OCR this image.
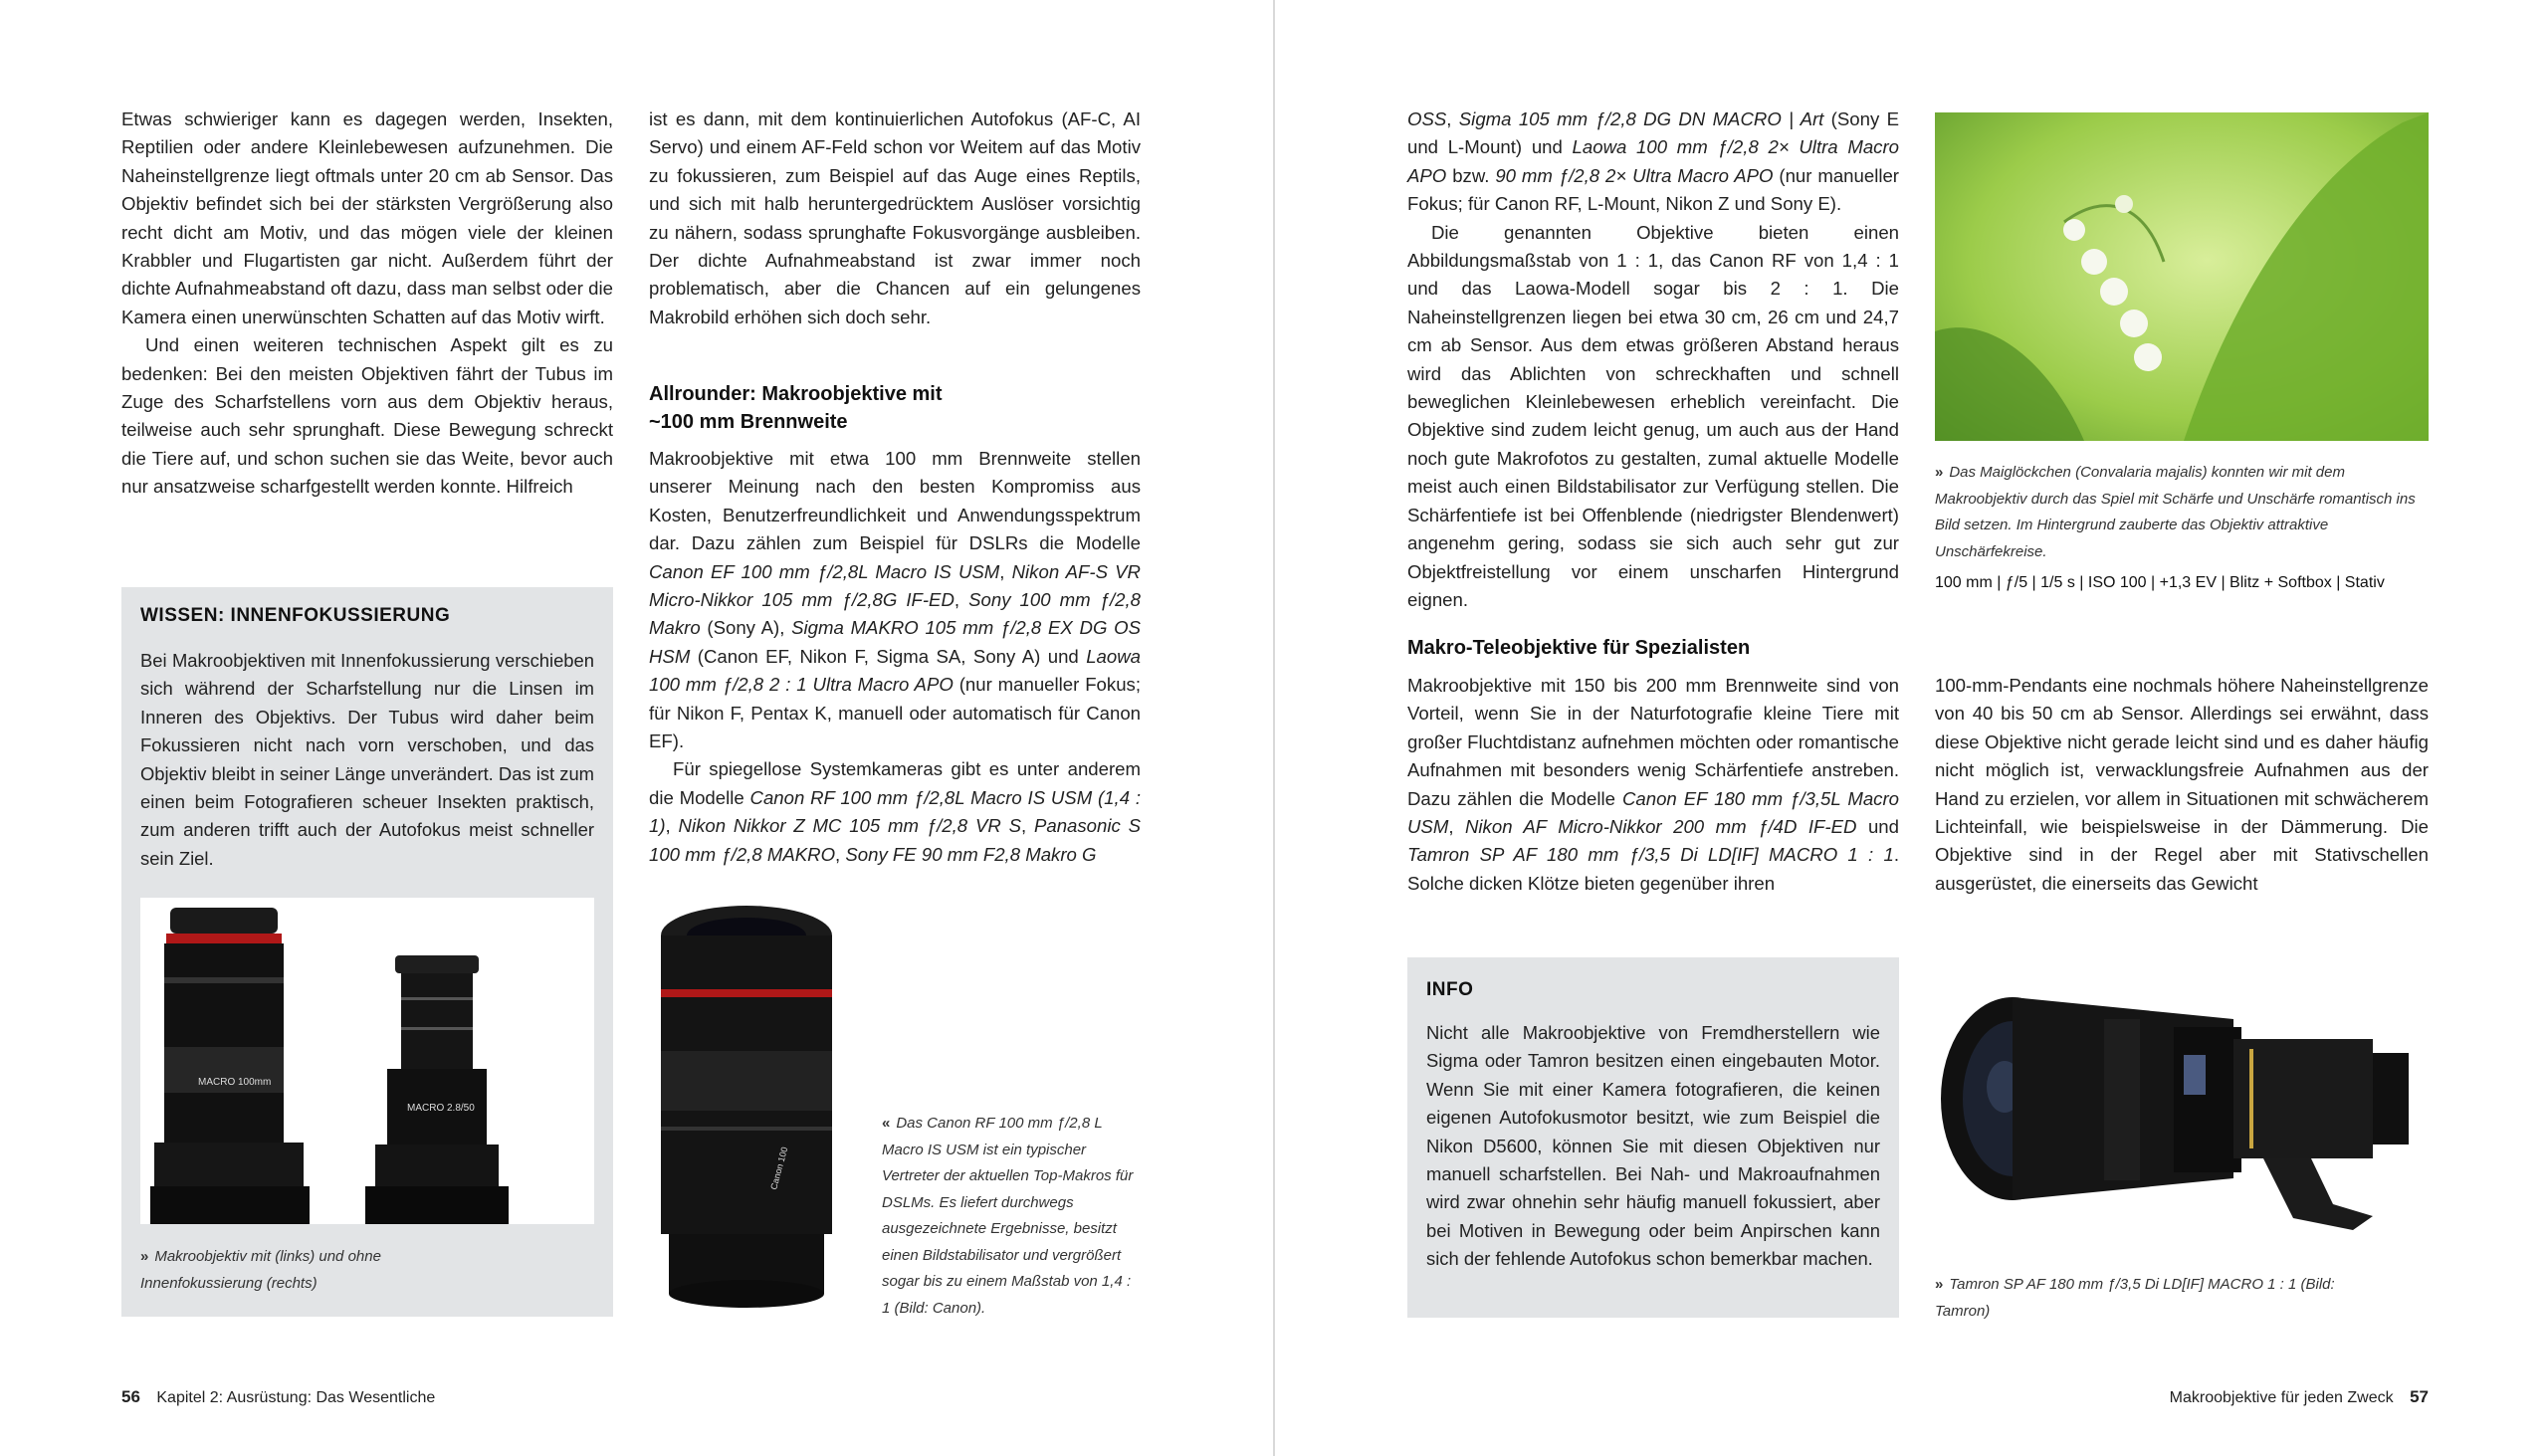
Etwas schwieriger kann es dagegen werden, Insekten, Reptilien oder andere Kleinlebewesen aufzunehmen. Die Naheinstellgrenze liegt oftmals unter 20 cm ab Sensor. Das Objektiv befindet sich bei der stärksten Vergrößerung also recht dicht am Motiv, und das mögen viele der kleinen Krabbler und Flugartisten gar nicht. Außerdem führt der dichte Aufnahmeabstand oft dazu, dass man selbst oder die Kamera einen unerwünschten Schatten auf das Motiv wirft.

Und einen weiteren technischen Aspekt gilt es zu bedenken: Bei den meisten Objektiven fährt der Tubus im Zuge des Scharfstellens vorn aus dem Objektiv heraus, teilweise auch sehr sprunghaft. Diese Bewegung schreckt die Tiere auf, und schon suchen sie das Weite, bevor auch nur ansatzweise scharfgestellt werden konnte. Hilfreich

WISSEN: INNENFOKUSSIERUNG
Bei Makroobjektiven mit Innenfokussierung verschieben sich während der Scharfstellung nur die Linsen im Inneren des Objektivs. Der Tubus wird daher beim Fokussieren nicht nach vorn verschoben, und das Objektiv bleibt in seiner Länge unverändert. Das ist zum einen beim Fotografieren scheuer Insekten praktisch, zum anderen trifft auch der Autofokus meist schneller sein Ziel.
MACRO 100mm
MACRO 2.8/50
» Makroobjektiv mit (links) und ohne Innenfokussierung (rechts)

ist es dann, mit dem kontinuierlichen Autofokus (AF-C, AI Servo) und einem AF-Feld schon vor Weitem auf das Motiv zu fokussieren, zum Beispiel auf das Auge eines Reptils, und sich mit halb heruntergedrücktem Auslöser vorsichtig zu nähern, sodass sprunghafte Fokusvorgänge ausbleiben. Der dichte Aufnahmeabstand ist zwar immer noch problematisch, aber die Chancen auf ein gelungenes Makrobild erhöhen sich doch sehr.

Allrounder: Makroobjektive mit
~100 mm Brennweite

Makroobjektive mit etwa 100 mm Brennweite stellen unserer Meinung nach den besten Kompromiss aus Kosten, Benutzerfreundlichkeit und Anwendungsspektrum dar. Dazu zählen zum Beispiel für DSLRs die Modelle Canon EF 100 mm ƒ/2,8L Macro IS USM, Nikon AF-S VR Micro-Nikkor 105 mm ƒ/2,8G IF-ED, Sony 100 mm ƒ/2,8 Makro (Sony A), Sigma MAKRO 105 mm ƒ/2,8 EX DG OS HSM (Canon EF, Nikon F, Sigma SA, Sony A) und Laowa 100 mm ƒ/2,8 2 : 1 Ultra Macro APO (nur manueller Fokus; für Nikon F, Pentax K, manuell oder automatisch für Canon EF).

Für spiegellose Systemkameras gibt es unter anderem die Modelle Canon RF 100 mm ƒ/2,8L Macro IS USM (1,4 : 1), Nikon Nikkor Z MC 105 mm ƒ/2,8 VR S, Panasonic S 100 mm ƒ/2,8 MAKRO, Sony FE 90 mm F2,8 Makro G

Canon 100
« Das Canon RF 100 mm ƒ/2,8 L Macro IS USM ist ein typischer Vertreter der aktuellen Top-Makros für DSLMs. Es liefert durchwegs ausgezeichnete Ergebnisse, besitzt einen Bildstabilisator und vergrößert sogar bis zu einem Maßstab von 1,4 : 1 (Bild: Canon).
56 Kapitel 2: Ausrüstung: Das Wesentliche

OSS, Sigma 105 mm ƒ/2,8 DG DN MACRO | Art (Sony E und L-Mount) und Laowa 100 mm ƒ/2,8 2× Ultra Macro APO bzw. 90 mm ƒ/2,8 2× Ultra Macro APO (nur manueller Fokus; für Canon RF, L-Mount, Nikon Z und Sony E).

Die genannten Objektive bieten einen Abbildungsmaßstab von 1 : 1, das Canon RF von 1,4 : 1 und das Laowa-Modell sogar bis 2 : 1. Die Naheinstellgrenzen liegen bei etwa 30 cm, 26 cm und 24,7 cm ab Sensor. Aus dem etwas größeren Abstand heraus wird das Ablichten von schreckhaften und schnell beweglichen Kleinlebewesen erheblich vereinfacht. Die Objektive sind zudem leicht genug, um auch aus der Hand noch gute Makrofotos zu gestalten, zumal aktuelle Modelle meist auch einen Bildstabilisator zur Verfügung stellen. Die Schärfentiefe ist bei Offenblende (niedrigster Blendenwert) angenehm gering, sodass sie sich auch sehr gut zur Objektfreistellung vor einem unscharfen Hintergrund eignen.

» Das Maiglöckchen (Convalaria majalis) konnten wir mit dem Makroobjektiv durch das Spiel mit Schärfe und Unschärfe romantisch ins Bild setzen. Im Hintergrund zauberte das Objektiv attraktive Unschärfekreise.
100 mm | ƒ/5 | 1/5 s | ISO 100 | +1,3 EV | Blitz + Softbox | Stativ
Makro-Teleobjektive für Spezialisten

Makroobjektive mit 150 bis 200 mm Brennweite sind von Vorteil, wenn Sie in der Naturfotografie kleine Tiere mit großer Fluchtdistanz aufnehmen möchten oder romantische Aufnahmen mit besonders wenig Schärfentiefe anstreben. Dazu zählen die Modelle Canon EF 180 mm ƒ/3,5L Macro USM, Nikon AF Micro-Nikkor 200 mm ƒ/4D IF-ED und Tamron SP AF 180 mm ƒ/3,5 Di LD[IF] MACRO 1 : 1. Solche dicken Klötze bieten gegenüber ihren

100-mm-Pendants eine nochmals höhere Naheinstellgrenze von 40 bis 50 cm ab Sensor. Allerdings sei erwähnt, dass diese Objektive nicht gerade leicht sind und es daher häufig nicht möglich ist, verwacklungsfreie Aufnahmen aus der Hand zu erzielen, vor allem in Situationen mit schwächerem Lichteinfall, wie beispielsweise in der Dämmerung. Die Objektive sind in der Regel aber mit Stativschellen ausgerüstet, die einerseits das Gewicht

INFO
Nicht alle Makroobjektive von Fremdherstellern wie Sigma oder Tamron besitzen einen eingebauten Motor. Wenn Sie mit einer Kamera fotografieren, die keinen eigenen Autofokusmotor besitzt, wie zum Beispiel die Nikon D5600, können Sie mit diesen Objektiven nur manuell scharfstellen. Bei Nah- und Makroaufnahmen wird zwar ohnehin sehr häufig manuell fokussiert, aber bei Motiven in Bewegung oder beim Anpirschen kann sich der fehlende Autofokus schon bemerkbar machen.
» Tamron SP AF 180 mm ƒ/3,5 Di LD[IF] MACRO 1 : 1 (Bild: Tamron)
Makroobjektive für jeden Zweck 57
